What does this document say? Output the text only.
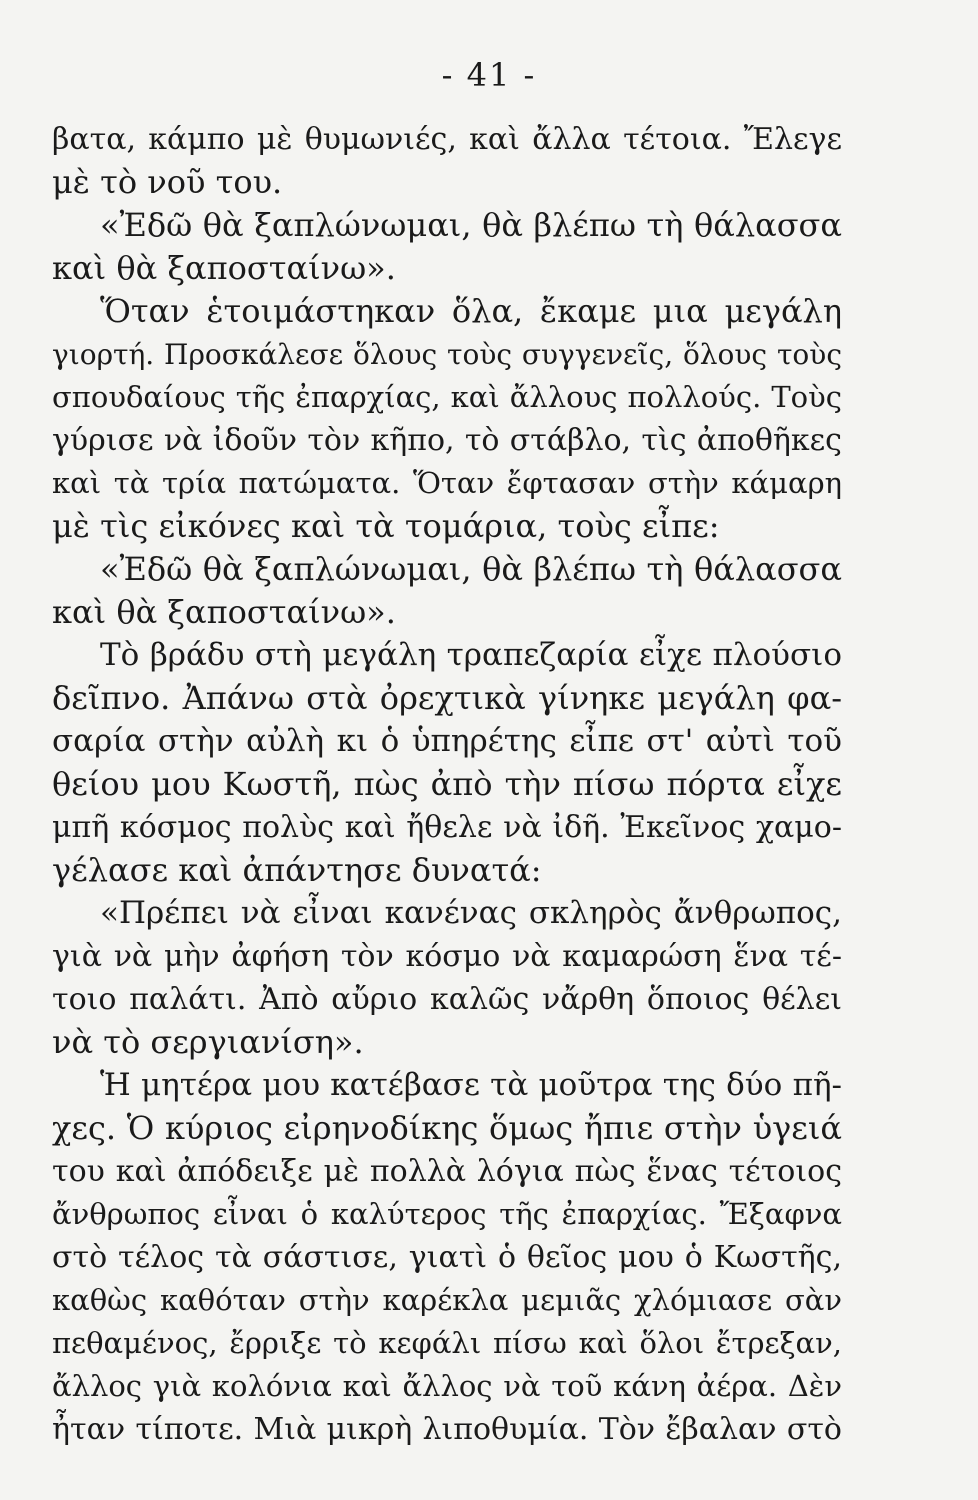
- 41 -
βατα, κάμπο μὲ θυμωνιές, καὶ ἄλλα τέτοια. Ἔλεγε
μὲ τὸ νοῦ του.
«Ἐδῶ θὰ ξαπλώνωμαι, θὰ βλέπω τὴ θάλασσα
καὶ θὰ ξαποσταίνω».
Ὅταν ἑτοιμάστηκαν ὅλα, ἔκαμε μια μεγάλη
γιορτή. Προσκάλεσε ὅλους τοὺς συγγενεῖς, ὅλους τοὺς
σπουδαίους τῆς ἐπαρχίας, καὶ ἄλλους πολλούς. Τοὺς
γύρισε νὰ ἰδοῦν τὸν κῆπο, τὸ στάβλο, τὶς ἀποθῆκες
καὶ τὰ τρία πατώματα. Ὅταν ἔφτασαν στὴν κάμαρη
μὲ τὶς εἰκόνες καὶ τὰ τομάρια, τοὺς εἶπε:
«Ἐδῶ θὰ ξαπλώνωμαι, θὰ βλέπω τὴ θάλασσα
καὶ θὰ ξαποσταίνω».
Τὸ βράδυ στὴ μεγάλη τραπεζαρία εἶχε πλούσιο
δεῖπνο. Ἀπάνω στὰ ὀρεχτικὰ γίνηκε μεγάλη φα-
σαρία στὴν αὐλὴ κι ὁ ὑπηρέτης εἶπε στ' αὐτὶ τοῦ
θείου μου Κωστῆ, πὼς ἀπὸ τὴν πίσω πόρτα εἶχε
μπῆ κόσμος πολὺς καὶ ἤθελε νὰ ἰδῆ. Ἐκεῖνος χαμο-
γέλασε καὶ ἀπάντησε δυνατά:
«Πρέπει νὰ εἶναι κανένας σκληρὸς ἄνθρωπος,
γιὰ νὰ μὴν ἀφήση τὸν κόσμο νὰ καμαρώση ἕνα τέ-
τοιο παλάτι. Ἀπὸ αὔριο καλῶς νἄρθη ὅποιος θέλει
νὰ τὸ σεργιανίση».
Ἡ μητέρα μου κατέβασε τὰ μοῦτρα της δύο πῆ-
χες. Ὁ κύριος εἰρηνοδίκης ὅμως ἤπιε στὴν ὑγειά
του καὶ ἀπόδειξε μὲ πολλὰ λόγια πὼς ἕνας τέτοιος
ἄνθρωπος εἶναι ὁ καλύτερος τῆς ἐπαρχίας. Ἔξαφνα
στὸ τέλος τὰ σάστισε, γιατὶ ὁ θεῖος μου ὁ Κωστῆς,
καθὼς καθόταν στὴν καρέκλα μεμιᾶς χλόμιασε σὰν
πεθαμένος, ἔρριξε τὸ κεφάλι πίσω καὶ ὅλοι ἔτρεξαν,
ἄλλος γιὰ κολόνια καὶ ἄλλος νὰ τοῦ κάνη ἀέρα. Δὲν
ἦταν τίποτε. Μιὰ μικρὴ λιποθυμία. Τὸν ἔβαλαν στὸ
